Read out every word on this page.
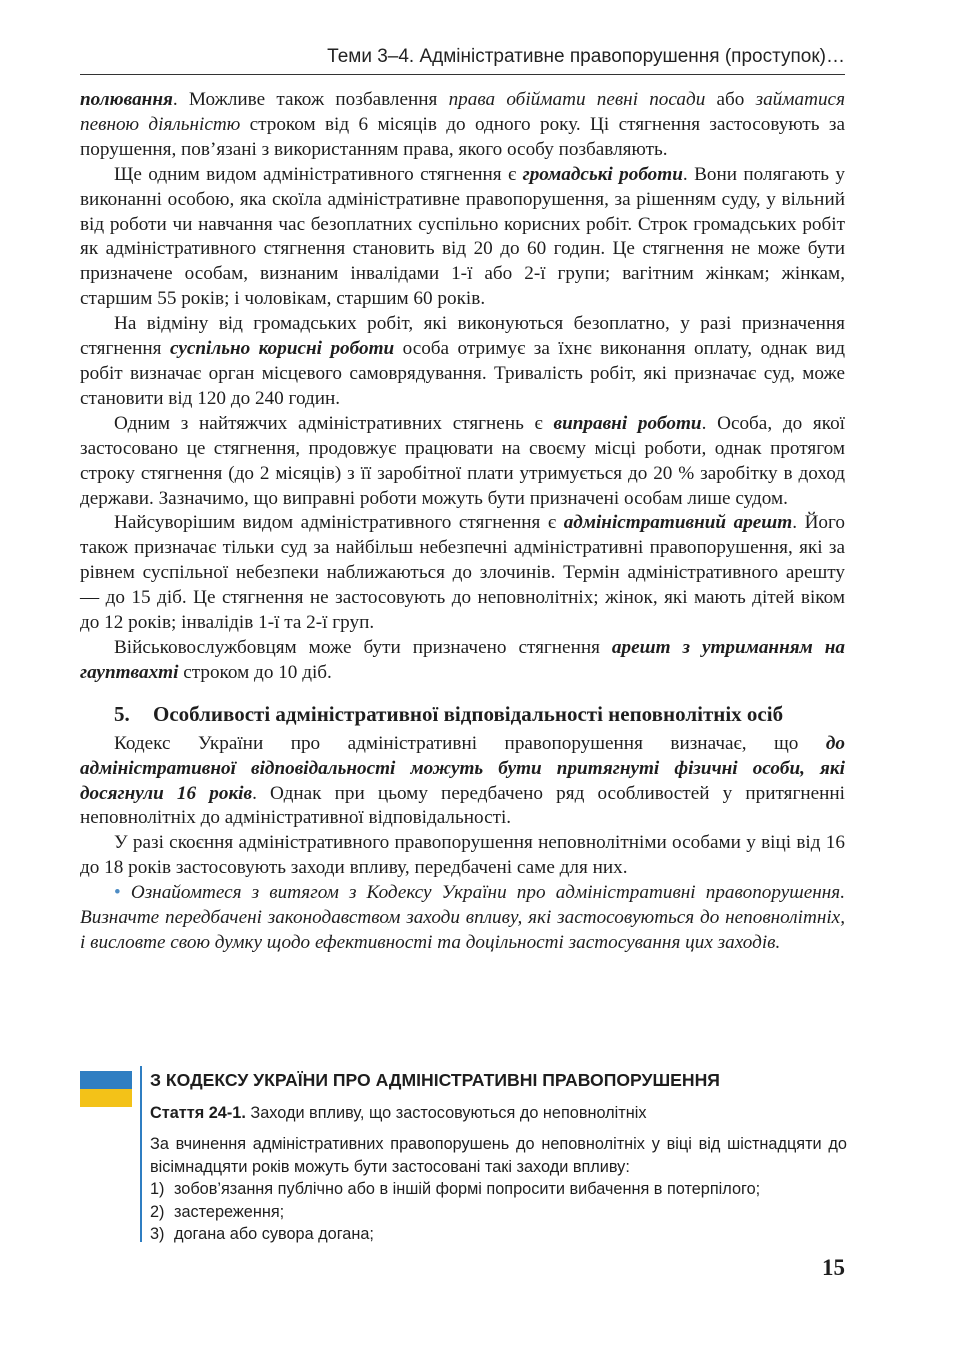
Теми 3–4. Адміністративне правопорушення (проступок)…

полювання. Можливе також позбавлення права обіймати певні посади або займатися певною діяльністю строком від 6 місяців до одного року. Ці стягнення застосовують за порушення, пов’язані з використанням права, якого особу позбавляють.

Ще одним видом адміністративного стягнення є громадські роботи. Вони полягають у виконанні особою, яка скоїла адміністративне правопорушення, за рішенням суду, у вільний від роботи чи навчання час безоплатних суспільно корисних робіт. Строк громадських робіт як адміністративного стягнення становить від 20 до 60 годин. Це стягнення не може бути призначене особам, визнаним інвалідами 1-ї або 2-ї групи; вагітним жінкам; жінкам, старшим 55 років; і чоловікам, старшим 60 років.

На відміну від громадських робіт, які виконуються безоплатно, у разі призначення стягнення суспільно корисні роботи особа отримує за їхнє виконання оплату, однак вид робіт визначає орган місцевого самоврядування. Тривалість робіт, які призначає суд, може становити від 120 до 240 годин.

Одним з найтяжчих адміністративних стягнень є виправні роботи. Особа, до якої застосовано це стягнення, продовжує працювати на своєму місці роботи, однак протягом строку стягнення (до 2 місяців) з її заробітної плати утримується до 20 % заробітку в доход держави. Зазначимо, що виправні роботи можуть бути призначені особам лише судом.

Найсуворішим видом адміністративного стягнення є адміністративний арешт. Його також призначає тільки суд за найбільш небезпечні адміністративні правопорушення, які за рівнем суспільної небезпеки наближаються до злочинів. Термін адміністративного арешту — до 15 діб. Це стягнення не застосовують до неповнолітніх; жінок, які мають дітей віком до 12 років; інвалідів 1-ї та 2-ї груп.

Військовослужбовцям може бути призначено стягнення арешт з утриманням на гауптвахті строком до 10 діб.

5.	Особливості адміністративної відповідальності неповнолітніх осіб

Кодекс України про адміністративні правопорушення визначає, що до адміністративної відповідальності можуть бути притягнуті фізичні особи, які досягнули 16 років. Однак при цьому передбачено ряд особливостей у притягненні неповнолітніх до адміністративної відповідальності.

У разі скоєння адміністративного правопорушення неповнолітніми особами у віці від 16 до 18 років застосовують заходи впливу, передбачені саме для них.

• Ознайомтеся з витягом з Кодексу України про адміністративні правопорушення. Визначте передбачені законодавством заходи впливу, які застосовуються до неповнолітніх, і висловте свою думку щодо ефективності та доцільності застосування цих заходів.

З КОДЕКСУ УКРАЇНИ ПРО АДМІНІСТРАТИВНІ ПРАВОПОРУШЕННЯ
Стаття 24-1. Заходи впливу, що застосовуються до неповнолітніх

За вчинення адміністративних правопорушень до неповнолітніх у віці від шістнадцяти до вісімнадцяти років можуть бути застосовані такі заходи впливу:

1) зобов’язання публічно або в іншій формі попросити вибачення в потерпілого;
2) застереження;
3) догана або сувора догана;
15
